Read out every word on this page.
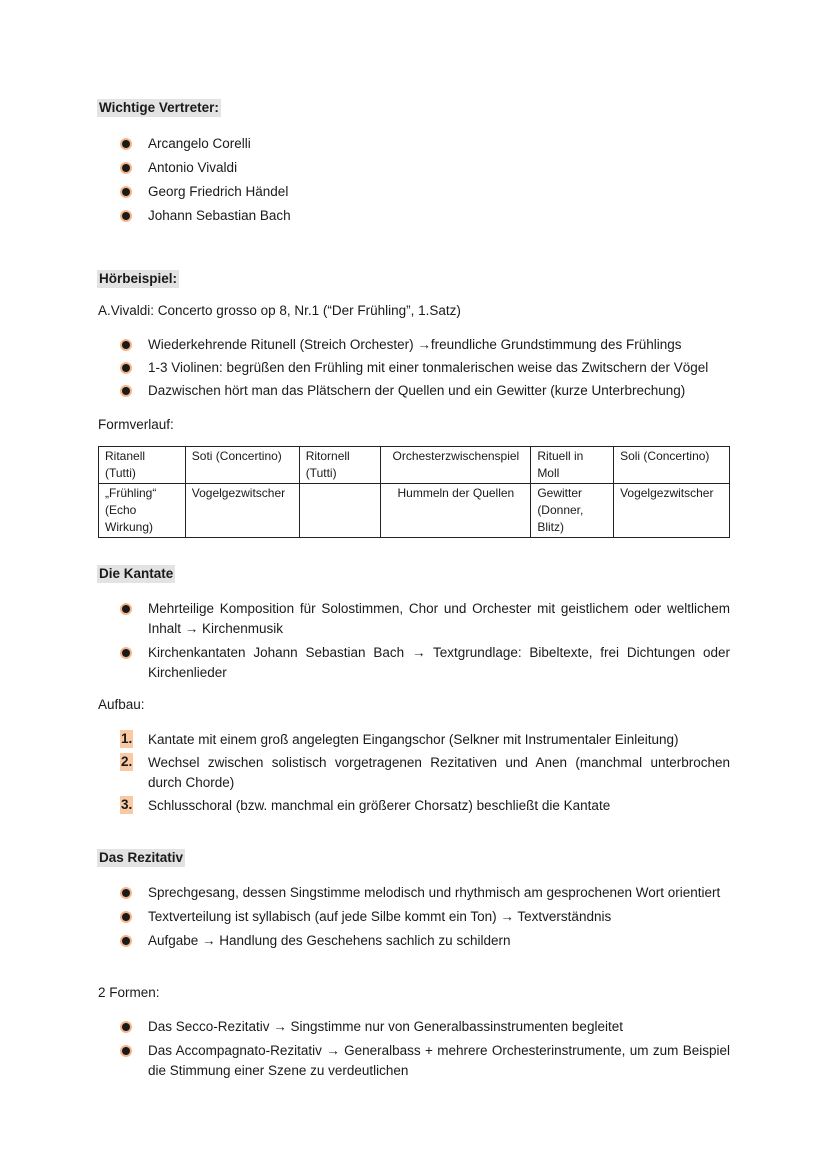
Wichtige Vertreter:
Arcangelo Corelli
Antonio Vivaldi
Georg Friedrich Händel
Johann Sebastian Bach
Hörbeispiel:
A.Vivaldi: Concerto grosso op 8, Nr.1 (“Der Frühling”, 1.Satz)
Wiederkehrende Ritunell (Streich Orchester) →freundliche Grundstimmung des Frühlings
1-3 Violinen: begrüßen den Frühling mit einer tonmalerischen weise das Zwitschern der Vögel
Dazwischen hört man das Plätschern der Quellen und ein Gewitter (kurze Unterbrechung)
Formverlauf:
Ritanell (Tutti)	Soti (Concertino)	Ritornell (Tutti)	Orchesterzwischenspiel	Rituell in Moll	Soli (Concertino)
„Frühling“ (Echo Wirkung)	Vogelgezwitscher		Hummeln der Quellen	Gewitter (Donner, Blitz)	Vogelgezwitscher
Die Kantate
Mehrteilige Komposition für Solostimmen, Chor und Orchester mit geistlichem oder weltlichem Inhalt → Kirchenmusik
Kirchenkantaten Johann Sebastian Bach → Textgrundlage: Bibeltexte, frei Dichtungen oder Kirchenlieder
Aufbau:
1. Kantate mit einem groß angelegten Eingangschor (Selkner mit Instrumentaler Einleitung)
2. Wechsel zwischen solistisch vorgetragenen Rezitativen und Anen (manchmal unterbrochen durch Chorde)
3. Schlusschoral (bzw. manchmal ein größerer Chorsatz) beschließt die Kantate
Das Rezitativ
Sprechgesang, dessen Singstimme melodisch und rhythmisch am gesprochenen Wort orientiert
Textverteilung ist syllabisch (auf jede Silbe kommt ein Ton) → Textverständnis
Aufgabe → Handlung des Geschehens sachlich zu schildern
2 Formen:
Das Secco-Rezitativ → Singstimme nur von Generalbassinstrumenten begleitet
Das Accompagnato-Rezitativ → Generalbass + mehrere Orchesterinstrumente, um zum Beispiel die Stimmung einer Szene zu verdeutlichen
